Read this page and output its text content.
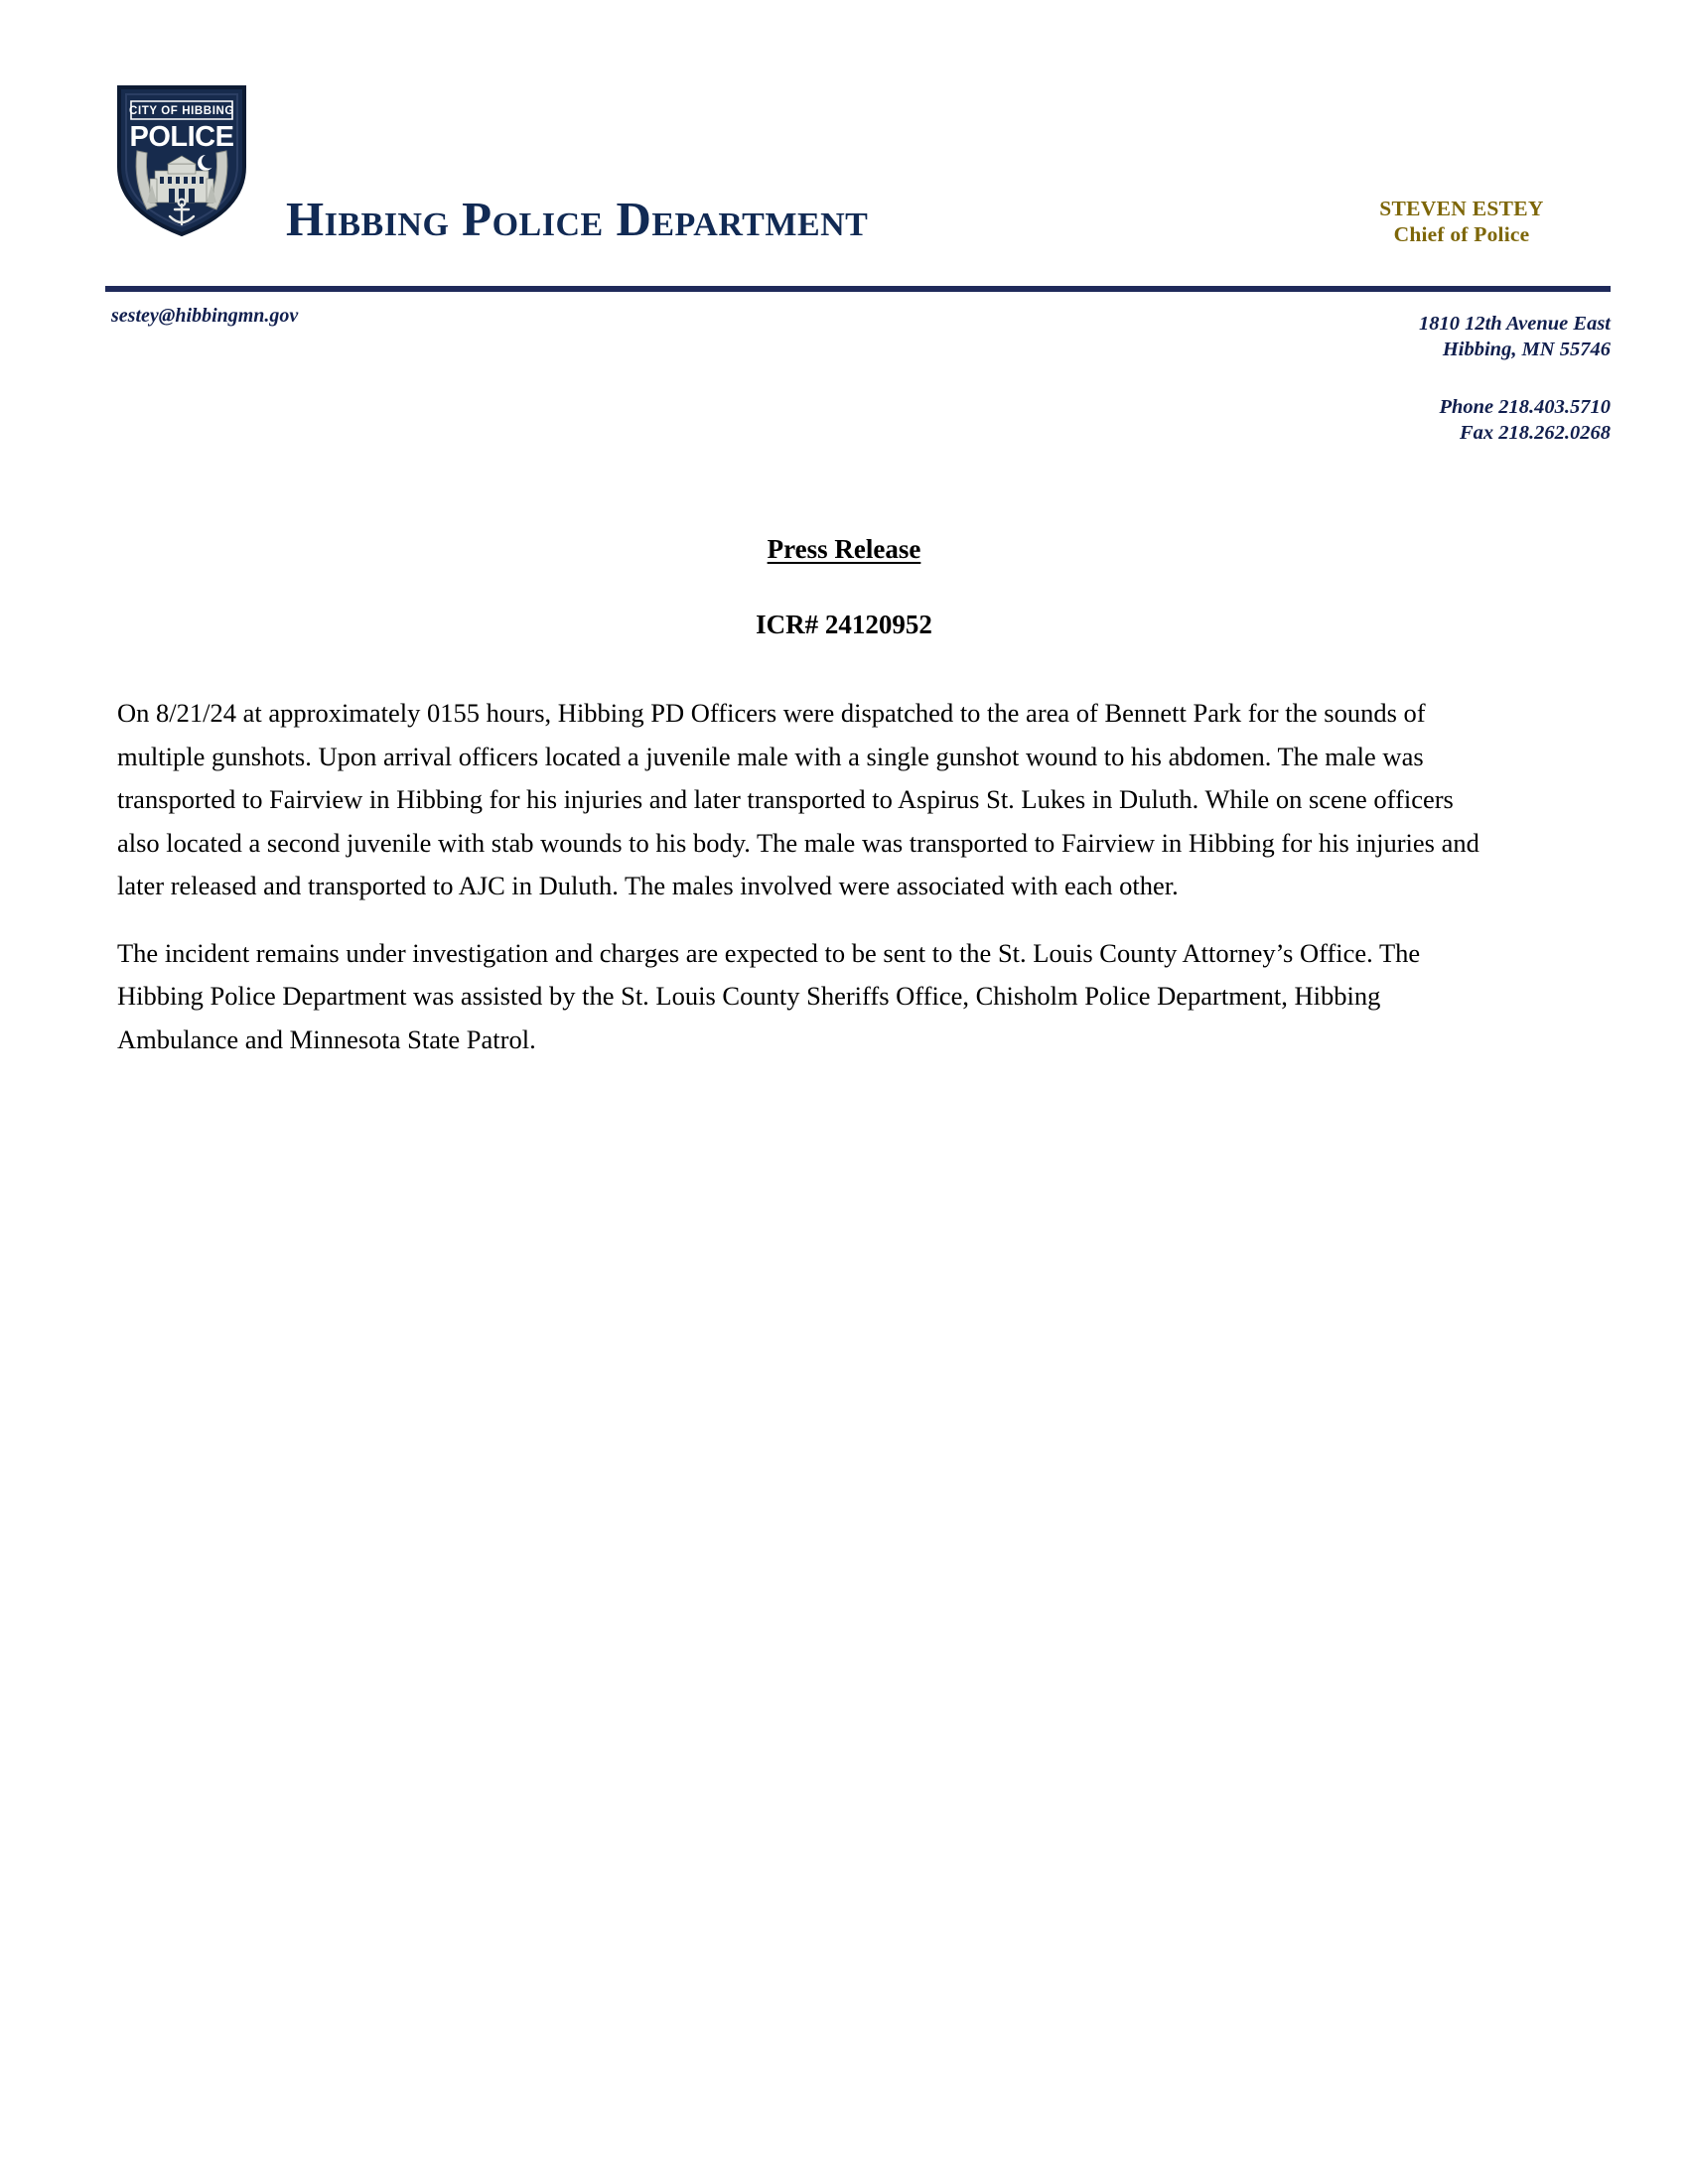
CITY OF HIBBING
POLICE
Hibbing Police Department	STEVEN ESTEY
Chief of Police
sestey@hibbingmn.gov	1810 12th Avenue East
Hibbing, MN 55746
Phone 218.403.5710
Fax 218.262.0268
Press Release
ICR# 24120952

On 8/21/24 at approximately 0155 hours, Hibbing PD Officers were dispatched to the area of Bennett Park for the sounds of multiple gunshots. Upon arrival officers located a juvenile male with a single gunshot wound to his abdomen. The male was transported to Fairview in Hibbing for his injuries and later transported to Aspirus St. Lukes in Duluth. While on scene officers also located a second juvenile with stab wounds to his body. The male was transported to Fairview in Hibbing for his injuries and later released and transported to AJC in Duluth. The males involved were associated with each other.

The incident remains under investigation and charges are expected to be sent to the St. Louis County Attorney’s Office. The Hibbing Police Department was assisted by the St. Louis County Sheriffs Office, Chisholm Police Department, Hibbing Ambulance and Minnesota State Patrol.
